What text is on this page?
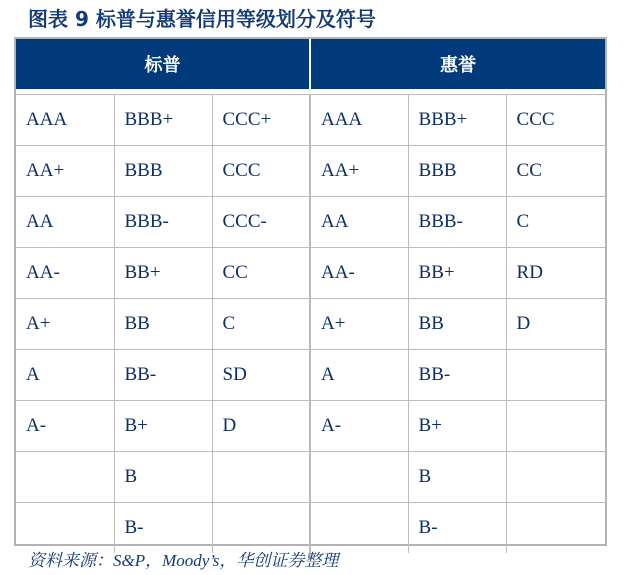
图表 9 标普与惠誉信用等级划分及符号
标普			惠誉		

AAA	BBB+	CCC+	AAA	BBB+	CCC
AA+	BBB	CCC	AA+	BBB	CC
AA	BBB-	CCC-	AA	BBB-	C
AA-	BB+	CC	AA-	BB+	RD
A+	BB	C	A+	BB	D
A	BB-	SD	A	BB-	
A-	B+	D	A-	B+	
	B			B	
	B-			B-	
资料来源：S&P，Moody’s，华创证券整理
